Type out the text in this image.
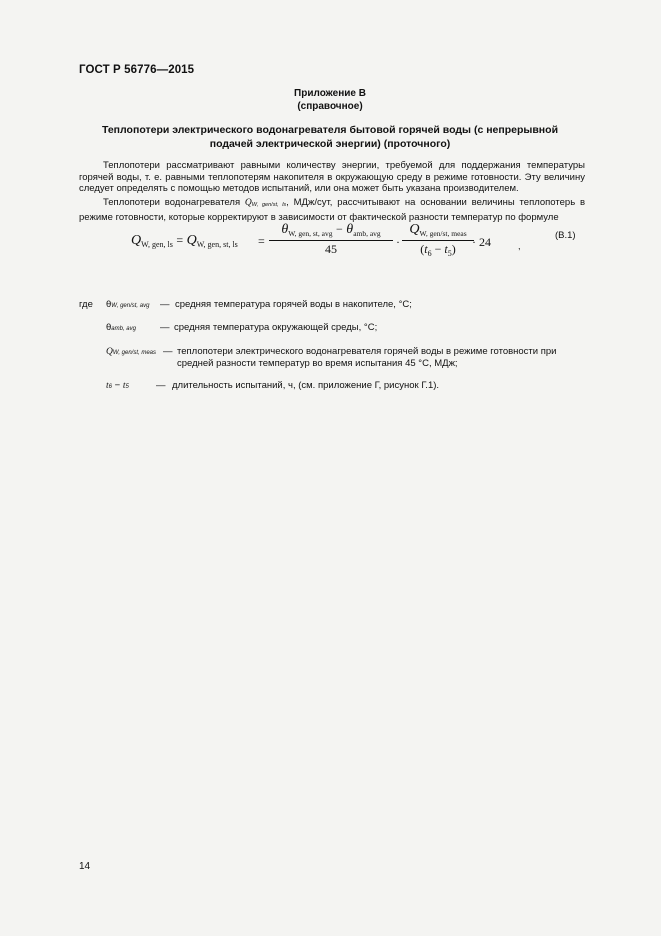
ГОСТ Р 56776—2015
Приложение В
(справочное)
Теплопотери электрического водонагревателя бытовой горячей воды (с непрерывной подачей электрической энергии) (проточного)
Теплопотери рассматривают равными количеству энергии, требуемой для поддержания температуры горячей воды, т. е. равными теплопотерям накопителя в окружающую среду в режиме готовности. Эту величину следует определять с помощью методов испытаний, или она может быть указана производителем.
Теплопотери водонагревателя QW, gen/st, ls, МДж/сут, рассчитывают на основании величины теплопотерь в режиме готовности, которые корректируют в зависимости от фактической разности температур по формуле
$Q_{W, gen, ls} = Q_{W, gen, st, ls}$ =
$\theta_{W, gen, st, avg} - \theta_{amb, avg}$
45	·
$Q_{W, gen/st, meas}$
$(t_6 - t_5)$	· 24	,
(В.1)
где θW, gen/st, avg — средняя температура горячей воды в накопителе, °С;
θamb, avg	— средняя температура окружающей среды, °С;
QW, gen/st, meas — теплопотери электрического водонагревателя горячей воды в режиме готовности при средней разности температур во время испытания 45 °С, МДж;
t6 − t5	— длительность испытаний, ч, (см. приложение Г, рисунок Г.1).
14
